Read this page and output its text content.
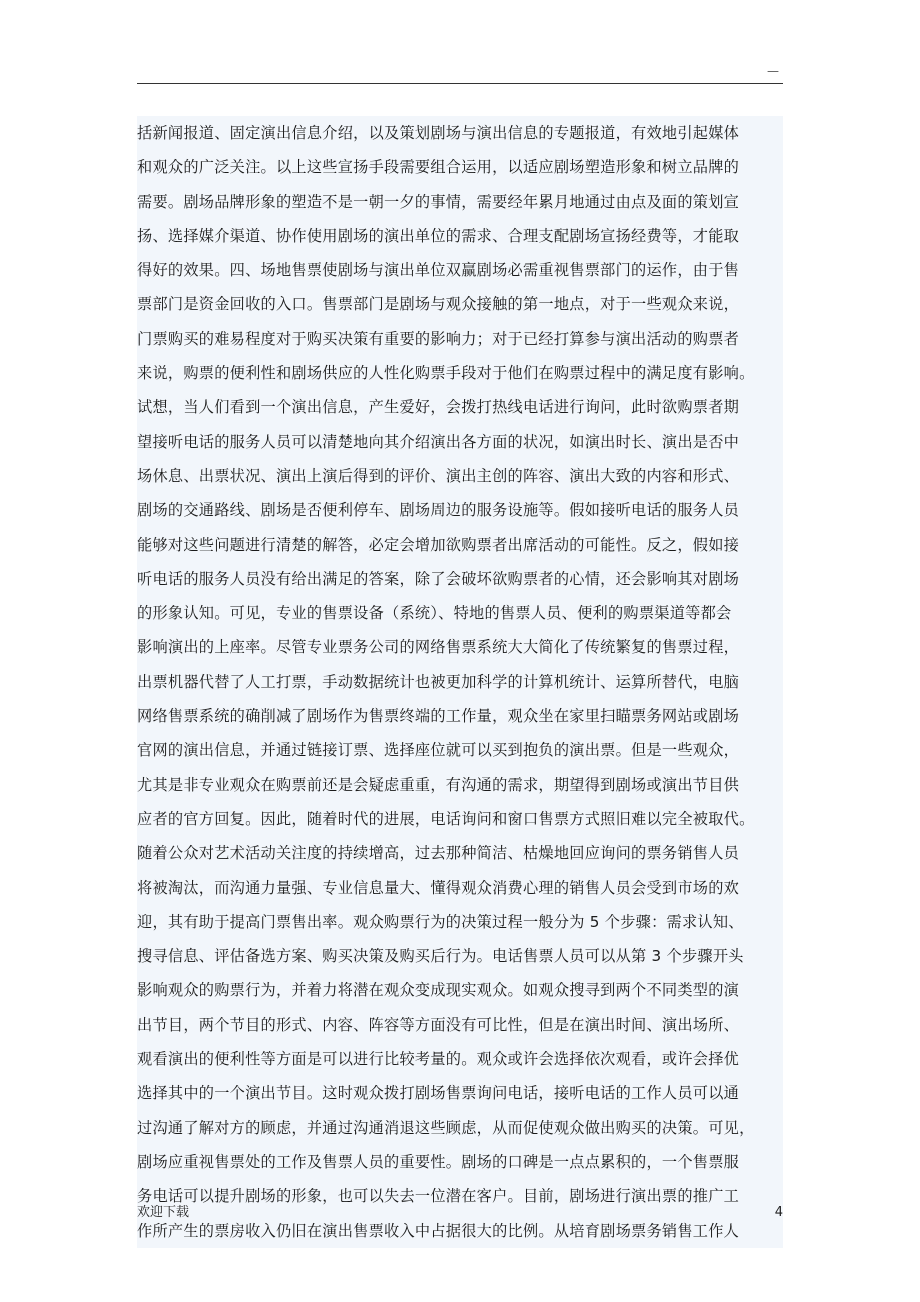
—
括新闻报道、固定演出信息介绍，以及策划剧场与演出信息的专题报道，有效地引起媒体
和观众的广泛关注。以上这些宣扬手段需要组合运用，以适应剧场塑造形象和树立品牌的
需要。剧场品牌形象的塑造不是一朝一夕的事情，需要经年累月地通过由点及面的策划宣
扬、选择媒介渠道、协作使用剧场的演出单位的需求、合理支配剧场宣扬经费等，才能取
得好的效果。四、场地售票使剧场与演出单位双赢剧场必需重视售票部门的运作，由于售
票部门是资金回收的入口。售票部门是剧场与观众接触的第一地点，对于一些观众来说，
门票购买的难易程度对于购买决策有重要的影响力；对于已经打算参与演出活动的购票者
来说，购票的便利性和剧场供应的人性化购票手段对于他们在购票过程中的满足度有影响。
试想，当人们看到一个演出信息，产生爱好，会拨打热线电话进行询问，此时欲购票者期
望接听电话的服务人员可以清楚地向其介绍演出各方面的状况，如演出时长、演出是否中
场休息、出票状况、演出上演后得到的评价、演出主创的阵容、演出大致的内容和形式、
剧场的交通路线、剧场是否便利停车、剧场周边的服务设施等。假如接听电话的服务人员
能够对这些问题进行清楚的解答，必定会增加欲购票者出席活动的可能性。反之，假如接
听电话的服务人员没有给出满足的答案，除了会破坏欲购票者的心情，还会影响其对剧场
的形象认知。可见，专业的售票设备（系统）、特地的售票人员、便利的购票渠道等都会
影响演出的上座率。尽管专业票务公司的网络售票系统大大简化了传统繁复的售票过程，
出票机器代替了人工打票，手动数据统计也被更加科学的计算机统计、运算所替代，电脑
网络售票系统的确削减了剧场作为售票终端的工作量，观众坐在家里扫瞄票务网站或剧场
官网的演出信息，并通过链接订票、选择座位就可以买到抱负的演出票。但是一些观众，
尤其是非专业观众在购票前还是会疑虑重重，有沟通的需求，期望得到剧场或演出节目供
应者的官方回复。因此，随着时代的进展，电话询问和窗口售票方式照旧难以完全被取代。
随着公众对艺术活动关注度的持续增高，过去那种简洁、枯燥地回应询问的票务销售人员
将被淘汰，而沟通力量强、专业信息量大、懂得观众消费心理的销售人员会受到市场的欢
迎，其有助于提高门票售出率。观众购票行为的决策过程一般分为 5 个步骤：需求认知、
搜寻信息、评估备选方案、购买决策及购买后行为。电话售票人员可以从第 3 个步骤开头
影响观众的购票行为，并着力将潜在观众变成现实观众。如观众搜寻到两个不同类型的演
出节目，两个节目的形式、内容、阵容等方面没有可比性，但是在演出时间、演出场所、
观看演出的便利性等方面是可以进行比较考量的。观众或许会选择依次观看，或许会择优
选择其中的一个演出节目。这时观众拨打剧场售票询问电话，接听电话的工作人员可以通
过沟通了解对方的顾虑，并通过沟通消退这些顾虑，从而促使观众做出购买的决策。可见，
剧场应重视售票处的工作及售票人员的重要性。剧场的口碑是一点点累积的，一个售票服
务电话可以提升剧场的形象，也可以失去一位潜在客户。目前，剧场进行演出票的推广工
作所产生的票房收入仍旧在演出售票收入中占据很大的比例。从培育剧场票务销售工作人
欢迎下载	4
